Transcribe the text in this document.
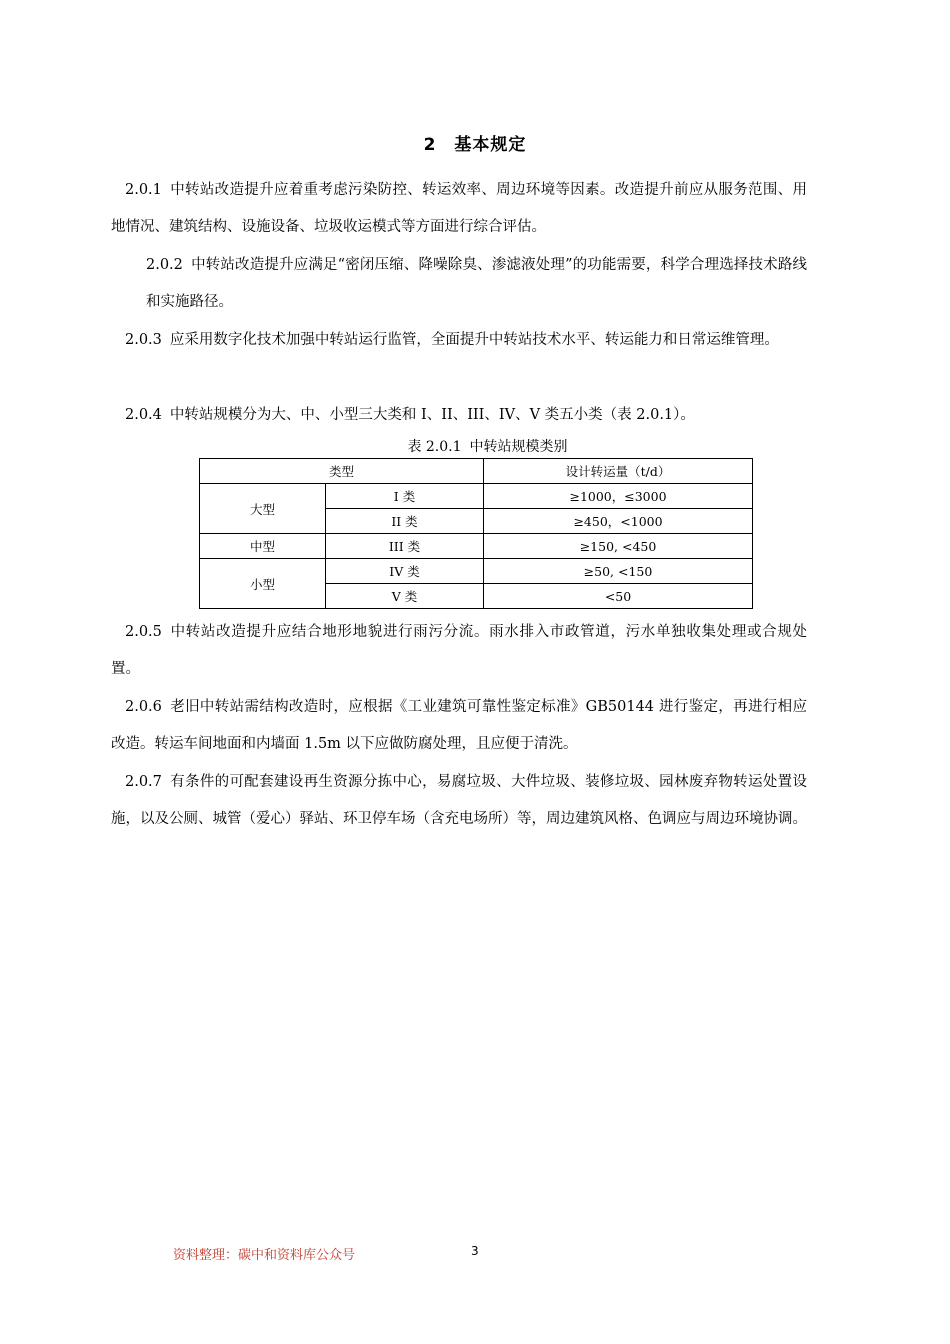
2 基本规定
2.0.1 中转站改造提升应着重考虑污染防控、转运效率、周边环境等因素。改造提升前应从服务范围、用地情况、建筑结构、设施设备、垃圾收运模式等方面进行综合评估。
2.0.2 中转站改造提升应满足“密闭压缩、降噪除臭、渗滤液处理”的功能需要，科学合理选择技术路线和实施路径。
2.0.3 应采用数字化技术加强中转站运行监管，全面提升中转站技术水平、转运能力和日常运维管理。
2.0.4 中转站规模分为大、中、小型三大类和 I、II、III、IV、V 类五小类（表 2.0.1）。
表 2.0.1 中转站规模类别
类型		设计转运量（t/d）
大型	I 类	≥1000，≤3000
	II 类	≥450，<1000
中型	III 类	≥150, <450
小型	IV 类	≥50, <150
	V 类	<50
2.0.5 中转站改造提升应结合地形地貌进行雨污分流。雨水排入市政管道，污水单独收集处理或合规处置。
2.0.6 老旧中转站需结构改造时，应根据《工业建筑可靠性鉴定标准》GB50144 进行鉴定，再进行相应改造。转运车间地面和内墙面 1.5m 以下应做防腐处理，且应便于清洗。
2.0.7 有条件的可配套建设再生资源分拣中心，易腐垃圾、大件垃圾、装修垃圾、园林废弃物转运处置设施，以及公厕、城管（爱心）驿站、环卫停车场（含充电场所）等，周边建筑风格、色调应与周边环境协调。
资料整理：碳中和资料库公众号	3
